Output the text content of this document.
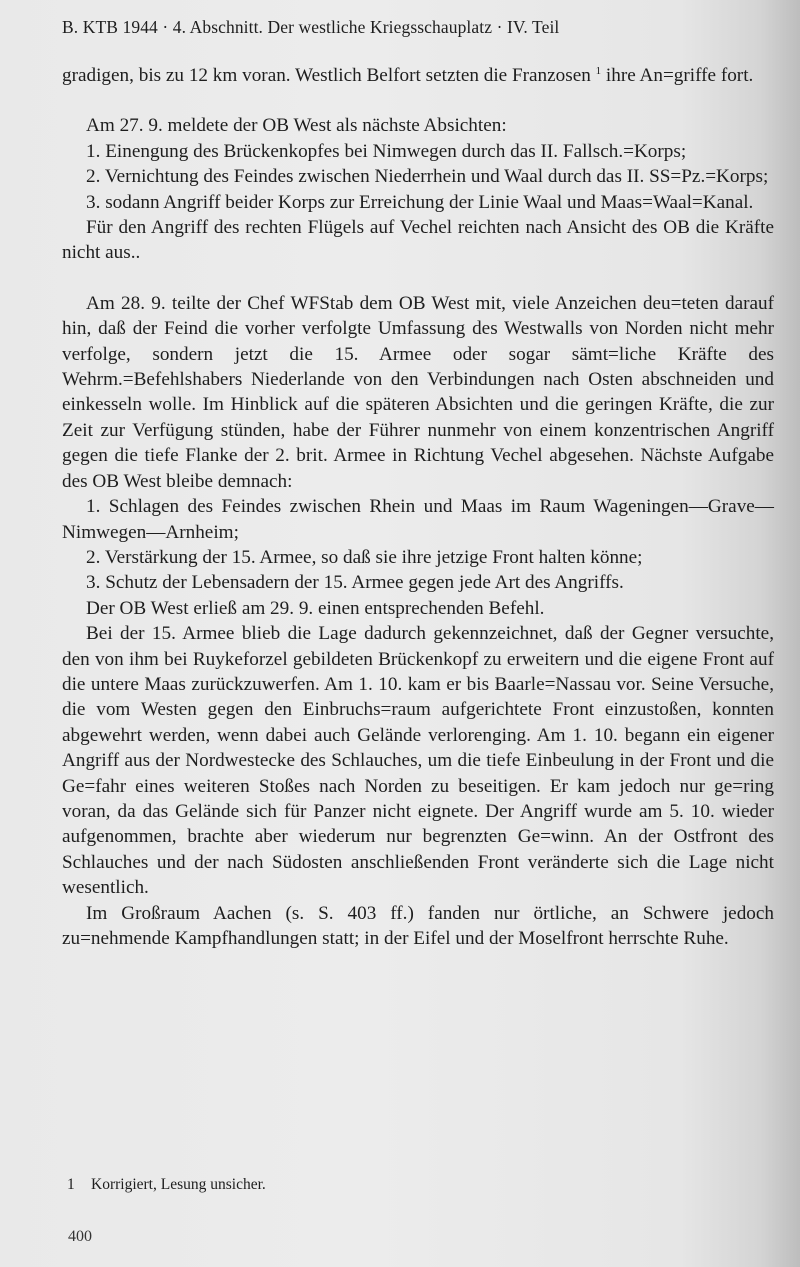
B. KTB 1944 · 4. Abschnitt. Der westliche Kriegsschauplatz · IV. Teil

gradigen, bis zu 12 km voran. Westlich Belfort setzten die Franzosen $^1$ ihre An=griffe fort.

Am 27. 9. meldete der OB West als nächste Absichten:

1. Einengung des Brückenkopfes bei Nimwegen durch das II. Fallsch.=Korps;

2. Vernichtung des Feindes zwischen Niederrhein und Waal durch das II. SS=Pz.=Korps;

3. sodann Angriff beider Korps zur Erreichung der Linie Waal und Maas=Waal=Kanal.

Für den Angriff des rechten Flügels auf Vechel reichten nach Ansicht des OB die Kräfte nicht aus..

Am 28. 9. teilte der Chef WFStab dem OB West mit, viele Anzeichen deu=teten darauf hin, daß der Feind die vorher verfolgte Umfassung des Westwalls von Norden nicht mehr verfolge, sondern jetzt die 15. Armee oder sogar sämt=liche Kräfte des Wehrm.=Befehlshabers Niederlande von den Verbindungen nach Osten abschneiden und einkesseln wolle. Im Hinblick auf die späteren Absichten und die geringen Kräfte, die zur Zeit zur Verfügung stünden, habe der Führer nunmehr von einem konzentrischen Angriff gegen die tiefe Flanke der 2. brit. Armee in Richtung Vechel abgesehen. Nächste Aufgabe des OB West bleibe demnach:

1. Schlagen des Feindes zwischen Rhein und Maas im Raum Wageningen—Grave—Nimwegen—Arnheim;

2. Verstärkung der 15. Armee, so daß sie ihre jetzige Front halten könne;

3. Schutz der Lebensadern der 15. Armee gegen jede Art des Angriffs.

Der OB West erließ am 29. 9. einen entsprechenden Befehl.

Bei der 15. Armee blieb die Lage dadurch gekennzeichnet, daß der Gegner versuchte, den von ihm bei Ruykeforzel gebildeten Brückenkopf zu erweitern und die eigene Front auf die untere Maas zurückzuwerfen. Am 1. 10. kam er bis Baarle=Nassau vor. Seine Versuche, die vom Westen gegen den Einbruchs=raum aufgerichtete Front einzustoßen, konnten abgewehrt werden, wenn dabei auch Gelände verlorenging. Am 1. 10. begann ein eigener Angriff aus der Nordwestecke des Schlauches, um die tiefe Einbeulung in der Front und die Ge=fahr eines weiteren Stoßes nach Norden zu beseitigen. Er kam jedoch nur ge=ring voran, da das Gelände sich für Panzer nicht eignete. Der Angriff wurde am 5. 10. wieder aufgenommen, brachte aber wiederum nur begrenzten Ge=winn. An der Ostfront des Schlauches und der nach Südosten anschließenden Front veränderte sich die Lage nicht wesentlich.

Im Großraum Aachen (s. S. 403 ff.) fanden nur örtliche, an Schwere jedoch zu=nehmende Kampfhandlungen statt; in der Eifel und der Moselfront herrschte Ruhe.

1 Korrigiert, Lesung unsicher.
400
